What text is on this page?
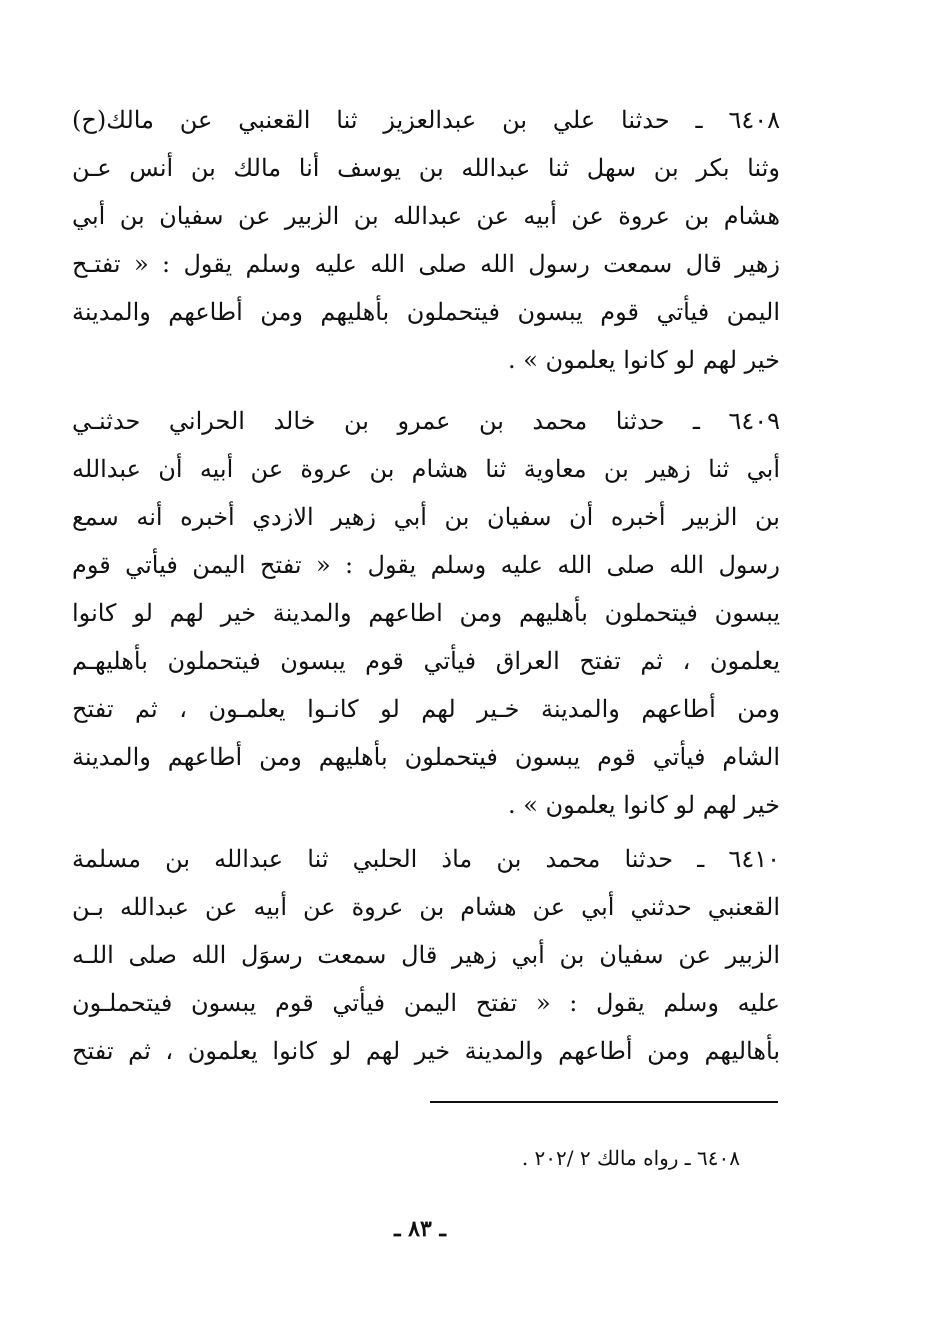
٦٤٠٨ ـ حدثنا علي بن عبدالعزيز ثنا القعنبي عن مالك(ح)
وثنا بكر بن سهل ثنا عبدالله بن يوسف أنا مالك بن أنس عـن
هشام بن عروة عن أبيه عن عبدالله بن الزبير عن سفيان بن أبي
زهير قال سمعت رسول الله صلى الله عليه وسلم يقول : « تفتـح
اليمن فيأتي قوم يبسون فيتحملون بأهليهم ومن أطاعهم والمدينة
خير لهم لو كانوا يعلمون » .
٦٤٠٩ ـ حدثنا محمد بن عمرو بن خالد الحراني حدثنـي
أبي ثنا زهير بن معاوية ثنا هشام بن عروة عن أبيه أن عبدالله
بن الزبير أخبره أن سفيان بن أبي زهير الازدي أخبره أنه سمع
رسول الله صلى الله عليه وسلم يقول : « تفتح اليمن فيأتي قوم
يبسون فيتحملون بأهليهم ومن اطاعهم والمدينة خير لهم لو كانوا
يعلمون ، ثم تفتح العراق فيأتي قوم يبسون فيتحملون بأهليهـم
ومن أطاعهم والمدينة خـير لهم لو كانـوا يعلمـون ، ثم تفتح
الشام فيأتي قوم يبسون فيتحملون بأهليهم ومن أطاعهم والمدينة
خير لهم لو كانوا يعلمون » .
٦٤١٠ ـ حدثنا محمد بن ماذ الحلبي ثنا عبدالله بن مسلمة
القعنبي حدثني أبي عن هشام بن عروة عن أبيه عن عبدالله بـن
الزبير عن سفيان بن أبي زهير قال سمعت رسوَل الله صلى اللـه
عليه وسلم يقول : « تفتح اليمن فيأتي قوم يبسون فيتحملـون
بأهاليهم ومن أطاعهم والمدينة خير لهم لو كانوا يعلمون ، ثم تفتح
٦٤٠٨ ـ رواه مالك ٢ /٢٠٢ .
ـ ٨٣ ـ
